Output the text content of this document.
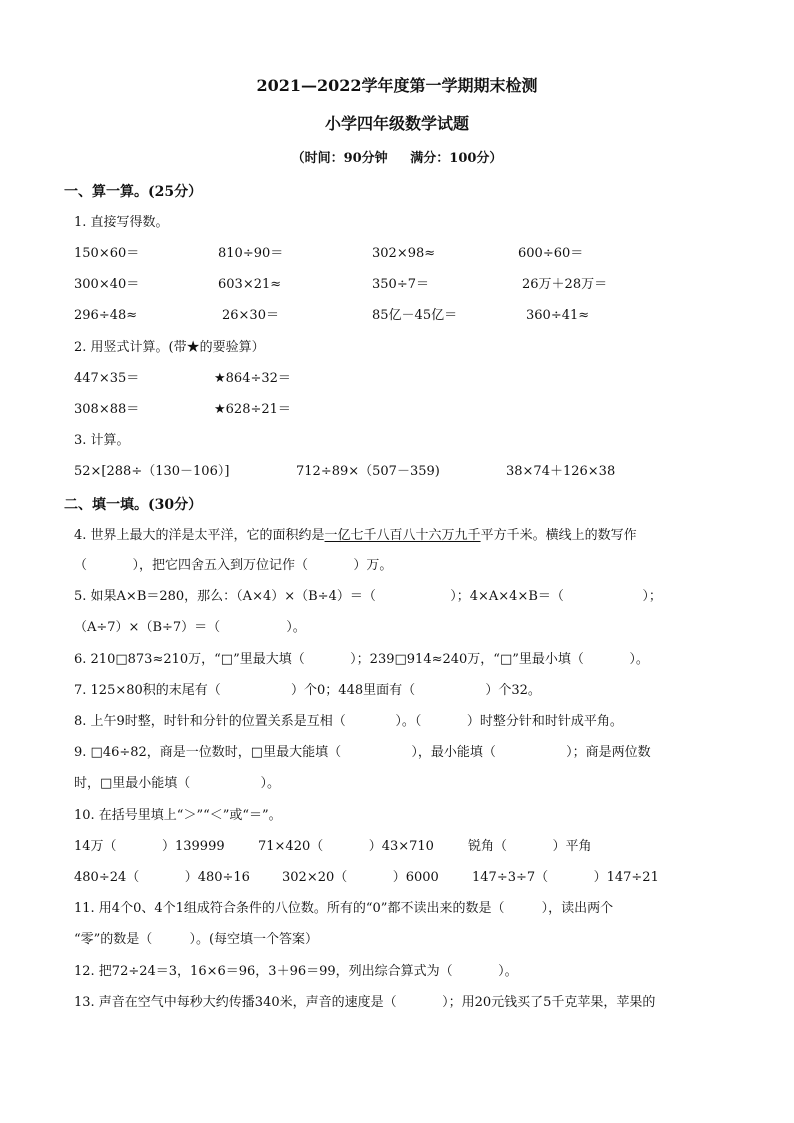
2021—2022学年度第一学期期末检测
小学四年级数学试题
（时间：90分钟     满分：100分）
一、算一算。(25分）
1. 直接写得数。
150×60＝	810÷90＝	302×98≈	600÷60＝
300×40＝	603×21≈	350÷7＝	26万＋28万＝
296÷48≈	26×30＝	85亿－45亿＝	360÷41≈
2. 用竖式计算。(带★的要验算）
447×35＝	★864÷32＝
308×88＝	★628÷21＝
3. 计算。
52×[288÷（130－106）]	712÷89×（507－359)	38×74＋126×38
二、填一填。(30分）
4. 世界上最大的洋是太平洋，它的面积约是一亿七千八百八十六万九千平方千米。横线上的数写作
（           ），把它四舍五入到万位记作（           ）万。
5. 如果A×B＝280，那么：（A×4）×（B÷4）＝（                  ）；4×A×4×B＝（                   ）；
（A÷7）×（B÷7）＝（                ）。
6. 210□873≈210万，“□”里最大填（           ）；239□914≈240万，“□”里最小填（           ）。
7. 125×80积的末尾有（                 ）个0；448里面有（                 ）个32。
8. 上午9时整，时针和分针的位置关系是互相（            ）。（           ）时整分针和时针成平角。
9. □46÷82，商是一位数时，□里最大能填（                 ），最小能填（                 ）；商是两位数
时，□里最小能填（                 ）。
10. 在括号里填上“＞”“＜”或“＝”。
14万（           ）139999	71×420（           ）43×710	锐角（           ）平角
480÷24（           ）480÷16 302×20（           ）6000	147÷3÷7（           ）147÷21
11. 用4个0、4个1组成符合条件的八位数。所有的“0”都不读出来的数是（         ），读出两个
“零”的数是（         ）。(每空填一个答案）
12. 把72÷24＝3，16×6＝96，3＋96＝99，列出综合算式为（           ）。
13. 声音在空气中每秒大约传播340米，声音的速度是（           ）；用20元钱买了5千克苹果，苹果的
